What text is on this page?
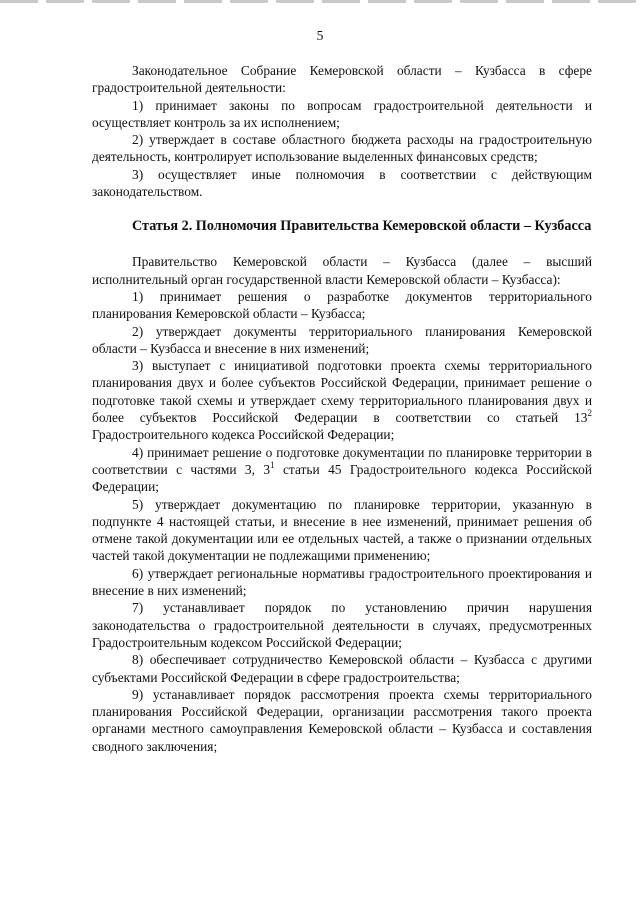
5

Законодательное Собрание Кемеровской области – Кузбасса в сфере градостроительной деятельности:

1) принимает законы по вопросам градостроительной деятельности и осуществляет контроль за их исполнением;

2) утверждает в составе областного бюджета расходы на градостроительную деятельность, контролирует использование выделенных финансовых средств;

3) осуществляет иные полномочия в соответствии с действующим законодательством.

Статья 2. Полномочия Правительства Кемеровской области – Кузбасса

Правительство Кемеровской области – Кузбасса (далее – высший исполнительный орган государственной власти Кемеровской области – Кузбасса):

1) принимает решения о разработке документов территориального планирования Кемеровской области – Кузбасса;

2) утверждает документы территориального планирования Кемеровской области – Кузбасса и внесение в них изменений;

3) выступает с инициативой подготовки проекта схемы территориального планирования двух и более субъектов Российской Федерации, принимает решение о подготовке такой схемы и утверждает схему территориального планирования двух и более субъектов Российской Федерации в соответствии со статьей $13^2$ Градостроительного кодекса Российской Федерации;

4) принимает решение о подготовке документации по планировке территории в соответствии с частями 3, $3^1$ статьи 45 Градостроительного кодекса Российской Федерации;

5) утверждает документацию по планировке территории, указанную в подпункте 4 настоящей статьи, и внесение в нее изменений, принимает решения об отмене такой документации или ее отдельных частей, а также о признании отдельных частей такой документации не подлежащими применению;

6) утверждает региональные нормативы градостроительного проектирования и внесение в них изменений;

7) устанавливает порядок по установлению причин нарушения законодательства о градостроительной деятельности в случаях, предусмотренных Градостроительным кодексом Российской Федерации;

8) обеспечивает сотрудничество Кемеровской области – Кузбасса с другими субъектами Российской Федерации в сфере градостроительства;

9) устанавливает порядок рассмотрения проекта схемы территориального планирования Российской Федерации, организации рассмотрения такого проекта органами местного самоуправления Кемеровской области – Кузбасса и составления сводного заключения;
